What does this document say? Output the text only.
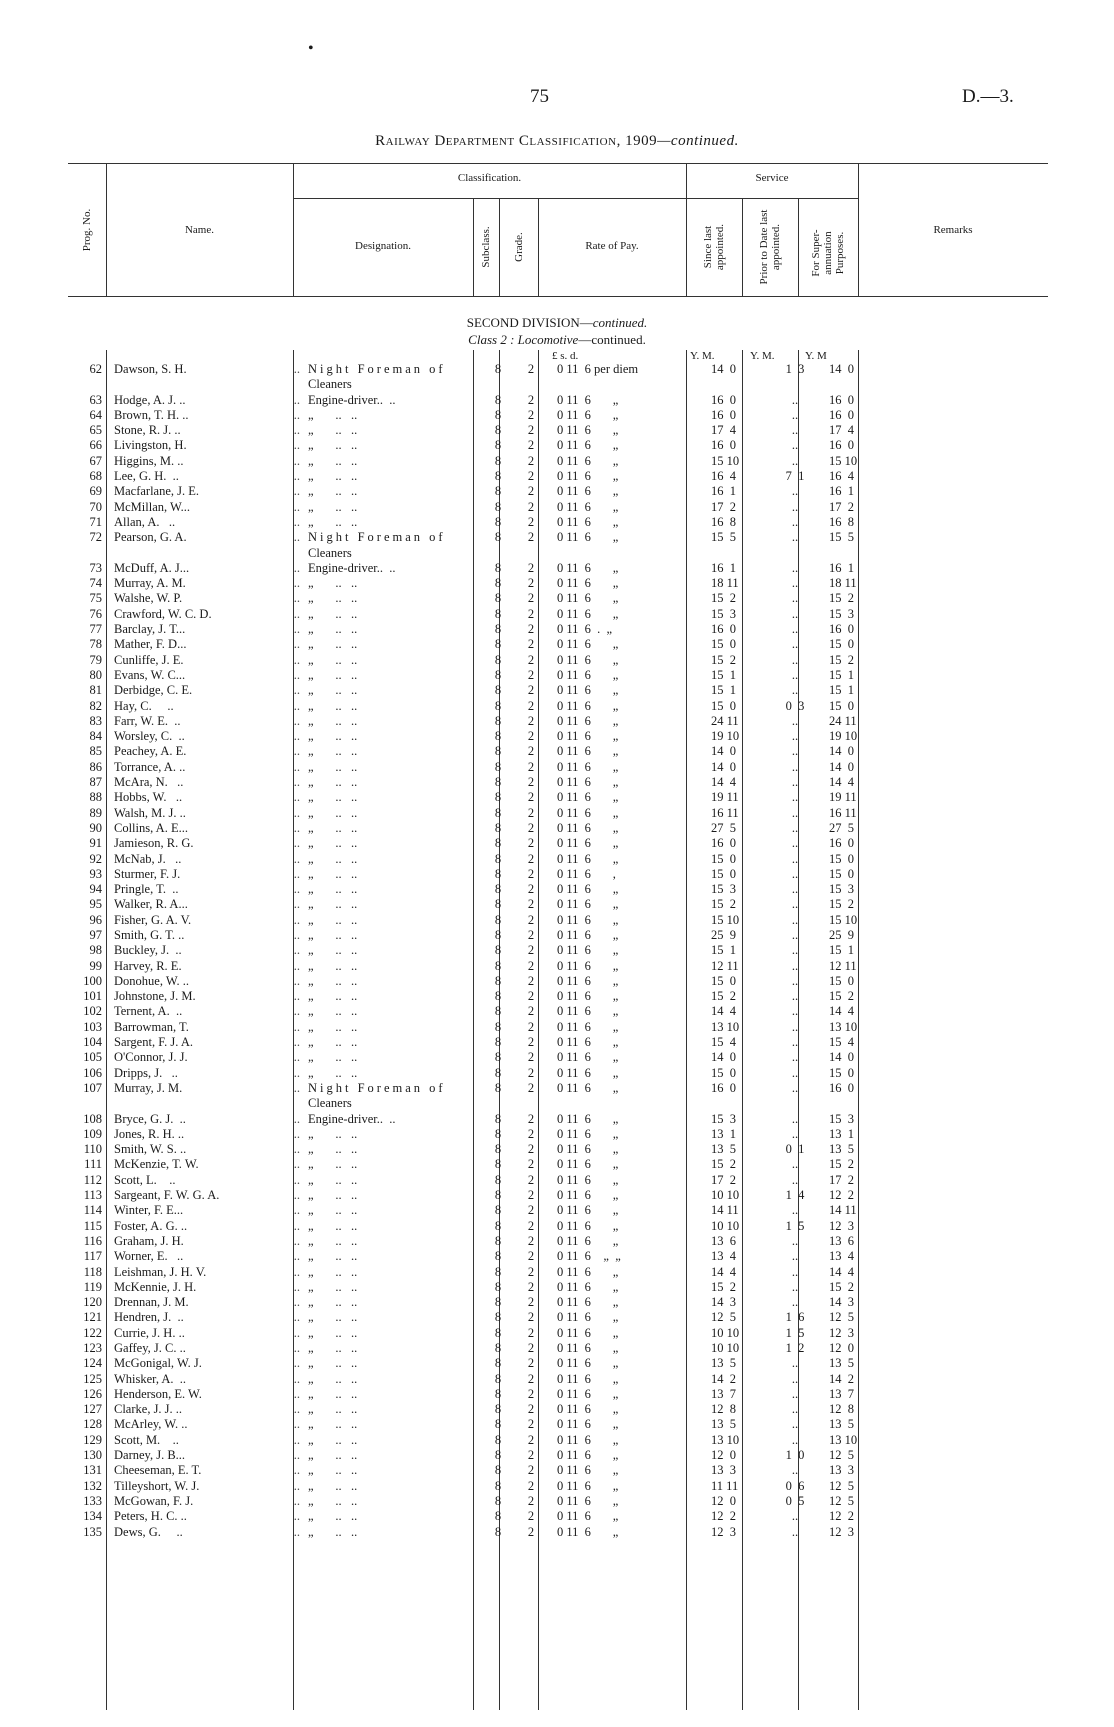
•
75	D.—3.
Railway Department Classification, 1909—continued.
Prog. No.	Name.
Classification.	Service
Designation.	Subclass. Grade.	Rate of Pay.	Since last appointed.	Prior to Date last appointed.	For Super-annuation Purposes.
Remarks
SECOND DIVISION—continued.
Class 2 : Locomotive—continued.
£ s. d.	Y. M.	Y. M.	Y. M
62	Dawson, S. H. ..	Night Foreman of	8	2	0 11  6 per diem	14  0	1  3	14  0

	Cleaners						
63	Hodge, A. J. .. ..	Engine-driver..  ..	8	2	0 11  6       „	16  0	..	16  0
64	Brown, T. H. .. ..	„       ..   ..	8	2	0 11  6       „	16  0	..	16  0
65	Stone, R. J. .. ..	„       ..   ..	8	2	0 11  6       „	17  4	..	17  4
66	Livingston, H. ..	„       ..   ..	8	2	0 11  6       „	16  0	..	16  0
67	Higgins, M. .. ..	„       ..   ..	8	2	0 11  6       „	15 10	..	15 10
68	Lee, G. H.  .. ..	„       ..   ..	8	2	0 11  6       „	16  4	7  1	16  4
69	Macfarlane, J. E. ..	„       ..   ..	8	2	0 11  6       „	16  1	..	16  1
70	McMillan, W... ..	„       ..   ..	8	2	0 11  6       „	17  2	..	17  2
71	Allan, A.   .. ..	„       ..   ..	8	2	0 11  6       „	16  8	..	16  8
72	Pearson, G. A. ..	Night Foreman of	8	2	0 11  6       „	15  5	..	15  5

	Cleaners						
73	McDuff, A. J... ..	Engine-driver..  ..	8	2	0 11  6       „	16  1	..	16  1
74	Murray, A. M. ..	„       ..   ..	8	2	0 11  6       „	18 11	..	18 11
75	Walshe, W. P. ..	„       ..   ..	8	2	0 11  6       „	15  2	..	15  2
76	Crawford, W. C. D. ..	„       ..   ..	8	2	0 11  6       „	15  3	..	15  3
77	Barclay, J. T... ..	„       ..   ..	8	2	0 11  6  .  „	16  0	..	16  0
78	Mather, F. D... ..	„       ..   ..	8	2	0 11  6       „	15  0	..	15  0
79	Cunliffe, J. E. ..	„       ..   ..	8	2	0 11  6       „	15  2	..	15  2
80	Evans, W. C... ..	„       ..   ..	8	2	0 11  6       „	15  1	..	15  1
81	Derbidge, C. E. ..	„       ..   ..	8	2	0 11  6       „	15  1	..	15  1
82	Hay, C.     .. ..	„       ..   ..	8	2	0 11  6       „	15  0	0  3	15  0
83	Farr, W. E.  .. ..	„       ..   ..	8	2	0 11  6       „	24 11	..	24 11
84	Worsley, C.  .. ..	„       ..   ..	8	2	0 11  6       „	19 10	..	19 10
85	Peachey, A. E. ..	„       ..   ..	8	2	0 11  6       „	14  0	..	14  0
86	Torrance, A. .. ..	„       ..   ..	8	2	0 11  6       „	14  0	..	14  0
87	McAra, N.   .. ..	„       ..   ..	8	2	0 11  6       „	14  4	..	14  4
88	Hobbs, W.   .. ..	„       ..   ..	8	2	0 11  6       „	19 11	..	19 11
89	Walsh, M. J. .. ..	„       ..   ..	8	2	0 11  6       „	16 11	..	16 11
90	Collins, A. E... ..	„       ..   ..	8	2	0 11  6       „	27  5	..	27  5
91	Jamieson, R. G. ..	„       ..   ..	8	2	0 11  6       „	16  0	..	16  0
92	McNab, J.   .. ..	„       ..   ..	8	2	0 11  6       „	15  0	..	15  0
93	Sturmer, F. J. ..	„       ..   ..	8	2	0 11  6       ,	15  0	..	15  0
94	Pringle, T.  .. ..	„       ..   ..	8	2	0 11  6       „	15  3	..	15  3
95	Walker, R. A... ..	„       ..   ..	8	2	0 11  6       „	15  2	..	15  2
96	Fisher, G. A. V. ..	„       ..   ..	8	2	0 11  6       „	15 10	..	15 10
97	Smith, G. T. .. ..	„       ..   ..	8	2	0 11  6       „	25  9	..	25  9
98	Buckley, J.  .. ..	„       ..   ..	8	2	0 11  6       „	15  1	..	15  1
99	Harvey, R. E. ..	„       ..   ..	8	2	0 11  6       „	12 11	..	12 11
100	Donohue, W. .. ..	„       ..   ..	8	2	0 11  6       „	15  0	..	15  0
101	Johnstone, J. M. ..	„       ..   ..	8	2	0 11  6       „	15  2	..	15  2
102	Ternent, A.  .. ..	„       ..   ..	8	2	0 11  6       „	14  4	..	14  4
103	Barrowman, T. ..	„       ..   ..	8	2	0 11  6       „	13 10	..	13 10
104	Sargent, F. J. A. ..	„       ..   ..	8	2	0 11  6       „	15  4	..	15  4
105	O'Connor, J. J. ..	„       ..   ..	8	2	0 11  6       „	14  0	..	14  0
106	Dripps, J.   .. ..	„       ..   ..	8	2	0 11  6       „	15  0	..	15  0
107	Murray, J. M. ..	Night Foreman of	8	2	0 11  6       „	16  0	..	16  0

	Cleaners						
108	Bryce, G. J.  .. ..	Engine-driver..  ..	8	2	0 11  6       „	15  3	..	15  3
109	Jones, R. H. .. ..	„       ..   ..	8	2	0 11  6       „	13  1	..	13  1
110	Smith, W. S. .. ..	„       ..   ..	8	2	0 11  6       „	13  5	0  1	13  5
111	McKenzie, T. W. ..	„       ..   ..	8	2	0 11  6       „	15  2	..	15  2
112	Scott, L.    .. ..	„       ..   ..	8	2	0 11  6       „	17  2	..	17  2
113	Sargeant, F. W. G. A. ..	„       ..   ..	8	2	0 11  6       „	10 10	1  4	12  2
114	Winter, F. E... ..	„       ..   ..	8	2	0 11  6       „	14 11	..	14 11
115	Foster, A. G. .. ..	„       ..   ..	8	2	0 11  6       „	10 10	1  5	12  3
116	Graham, J. H. ..	„       ..   ..	8	2	0 11  6       „	13  6	..	13  6
117	Worner, E.   .. ..	„       ..   ..	8	2	0 11  6    „  „	13  4	..	13  4
118	Leishman, J. H. V. ..	„       ..   ..	8	2	0 11  6       „	14  4	..	14  4
119	McKennie, J. H. ..	„       ..   ..	8	2	0 11  6       „	15  2	..	15  2
120	Drennan, J. M. ..	„       ..   ..	8	2	0 11  6       „	14  3	..	14  3
121	Hendren, J.  .. ..	„       ..   ..	8	2	0 11  6       „	12  5	1  6	12  5
122	Currie, J. H. .. ..	„       ..   ..	8	2	0 11  6       „	10 10	1  5	12  3
123	Gaffey, J. C. .. ..	„       ..   ..	8	2	0 11  6       „	10 10	1  2	12  0
124	McGonigal, W. J. ..	„       ..   ..	8	2	0 11  6       „	13  5	..	13  5
125	Whisker, A.  .. ..	„       ..   ..	8	2	0 11  6       „	14  2	..	14  2
126	Henderson, E. W. ..	„       ..   ..	8	2	0 11  6       „	13  7	..	13  7
127	Clarke, J. J. .. ..	„       ..   ..	8	2	0 11  6       „	12  8	..	12  8
128	McArley, W. .. ..	„       ..   ..	8	2	0 11  6       „	13  5	..	13  5
129	Scott, M.    .. ..	„       ..   ..	8	2	0 11  6       „	13 10	..	13 10
130	Darney, J. B... ..	„       ..   ..	8	2	0 11  6       „	12  0	1  0	12  5
131	Cheeseman, E. T. ..	„       ..   ..	8	2	0 11  6       „	13  3	..	13  3
132	Tilleyshort, W. J. ..	„       ..   ..	8	2	0 11  6       „	11 11	0  6	12  5
133	McGowan, F. J. ..	„       ..   ..	8	2	0 11  6       „	12  0	0  5	12  5
134	Peters, H. C. .. ..	„       ..   ..	8	2	0 11  6       „	12  2	..	12  2
135	Dews, G.     .. ..	„       ..   ..	8	2	0 11  6       „	12  3	..	12  3
